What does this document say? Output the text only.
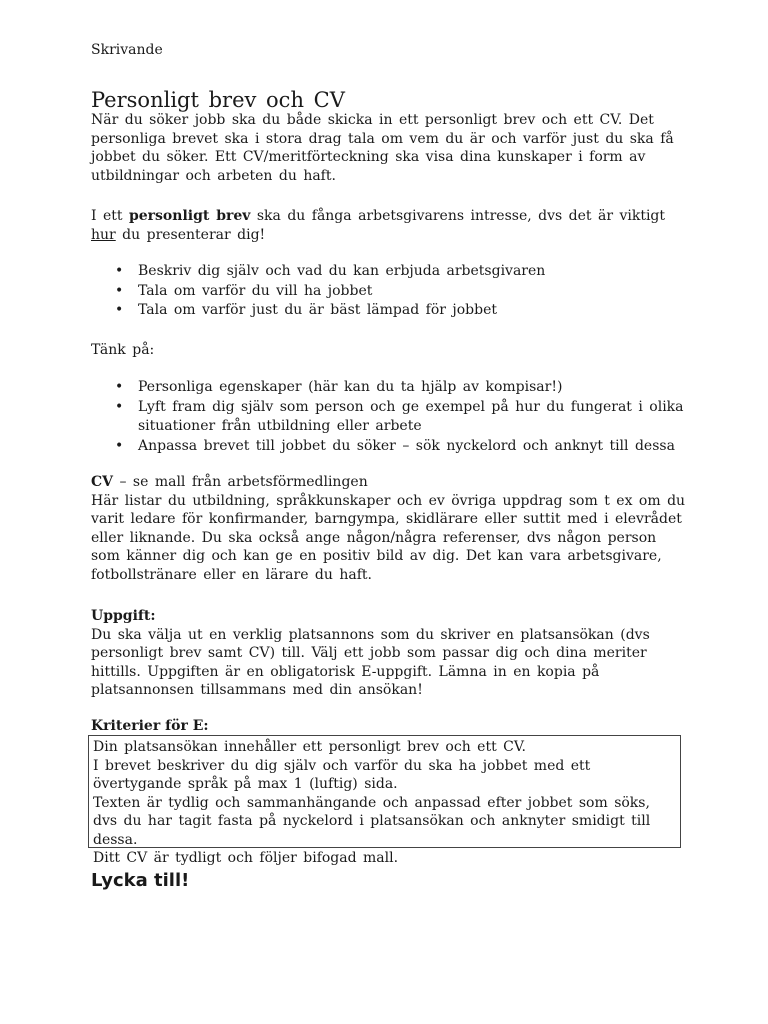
Skrivande
Personligt brev och CV

När du söker jobb ska du både skicka in ett personligt brev och ett CV. Det personliga brevet ska i stora drag tala om vem du är och varför just du ska få jobbet du söker. Ett CV/meritförteckning ska visa dina kunskaper i form av utbildningar och arbeten du haft.

I ett personligt brev ska du fånga arbetsgivarens intresse, dvs det är viktigt hur du presenterar dig!

• Beskriv dig själv och vad du kan erbjuda arbetsgivaren
• Tala om varför du vill ha jobbet
• Tala om varför just du är bäst lämpad för jobbet

Tänk på:

• Personliga egenskaper (här kan du ta hjälp av kompisar!)
• Lyft fram dig själv som person och ge exempel på hur du fungerat i olika situationer från utbildning eller arbete
• Anpassa brevet till jobbet du söker – sök nyckelord och anknyt till dessa
CV – se mall från arbetsförmedlingen
Här listar du utbildning, språkkunskaper och ev övriga uppdrag som t ex om du varit ledare för konfirmander, barngympa, skidlärare eller suttit med i elevrådet eller liknande. Du ska också ange någon/några referenser, dvs någon person som känner dig och kan ge en positiv bild av dig. Det kan vara arbetsgivare, fotbollstränare eller en lärare du haft.
Uppgift:
Du ska välja ut en verklig platsannons som du skriver en platsansökan (dvs personligt brev samt CV) till. Välj ett jobb som passar dig och dina meriter hittills. Uppgiften är en obligatorisk E-uppgift. Lämna in en kopia på platsannonsen tillsammans med din ansökan!
Kriterier för E:

Din platsansökan innehåller ett personligt brev och ett CV.

I brevet beskriver du dig själv och varför du ska ha jobbet med ett övertygande språk på max 1 (luftig) sida.

Texten är tydlig och sammanhängande och anpassad efter jobbet som söks, dvs du har tagit fasta på nyckelord i platsansökan och anknyter smidigt till dessa.

Ditt CV är tydligt och följer bifogad mall.

Lycka till!
